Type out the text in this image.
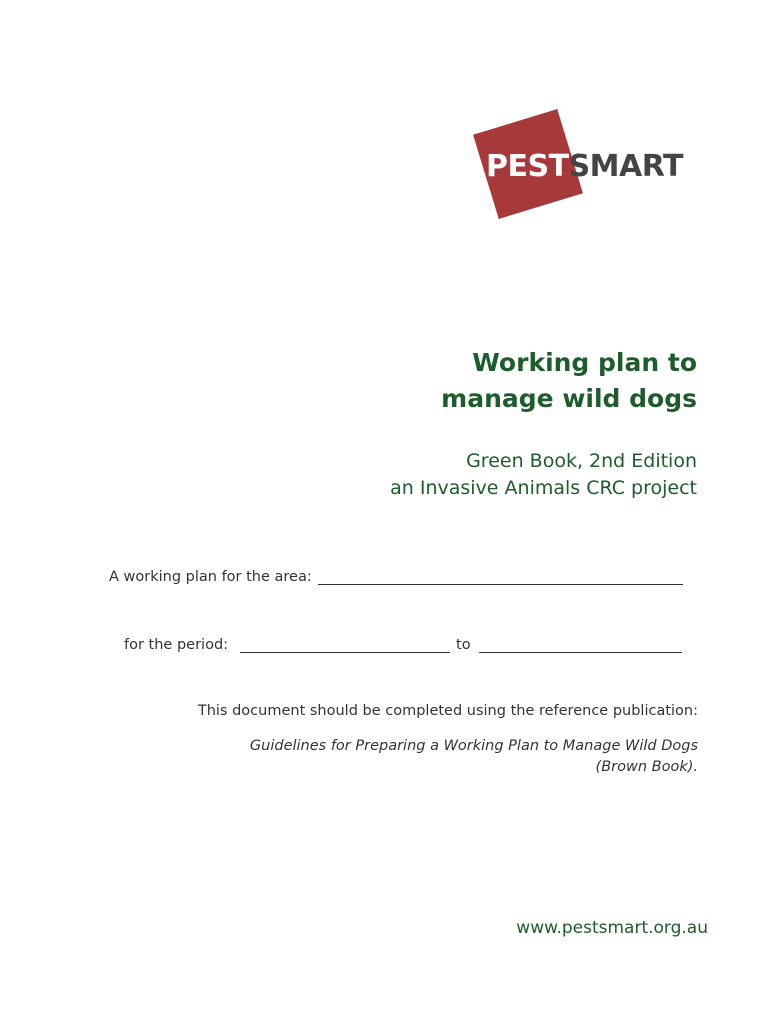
PESTSMART
Working plan to
manage wild dogs
Green Book, 2nd Edition
an Invasive Animals CRC project
A working plan for the area:
for the period:	to
This document should be completed using the reference publication:
Guidelines for Preparing a Working Plan to Manage Wild Dogs
(Brown Book).
www.pestsmart.org.au
